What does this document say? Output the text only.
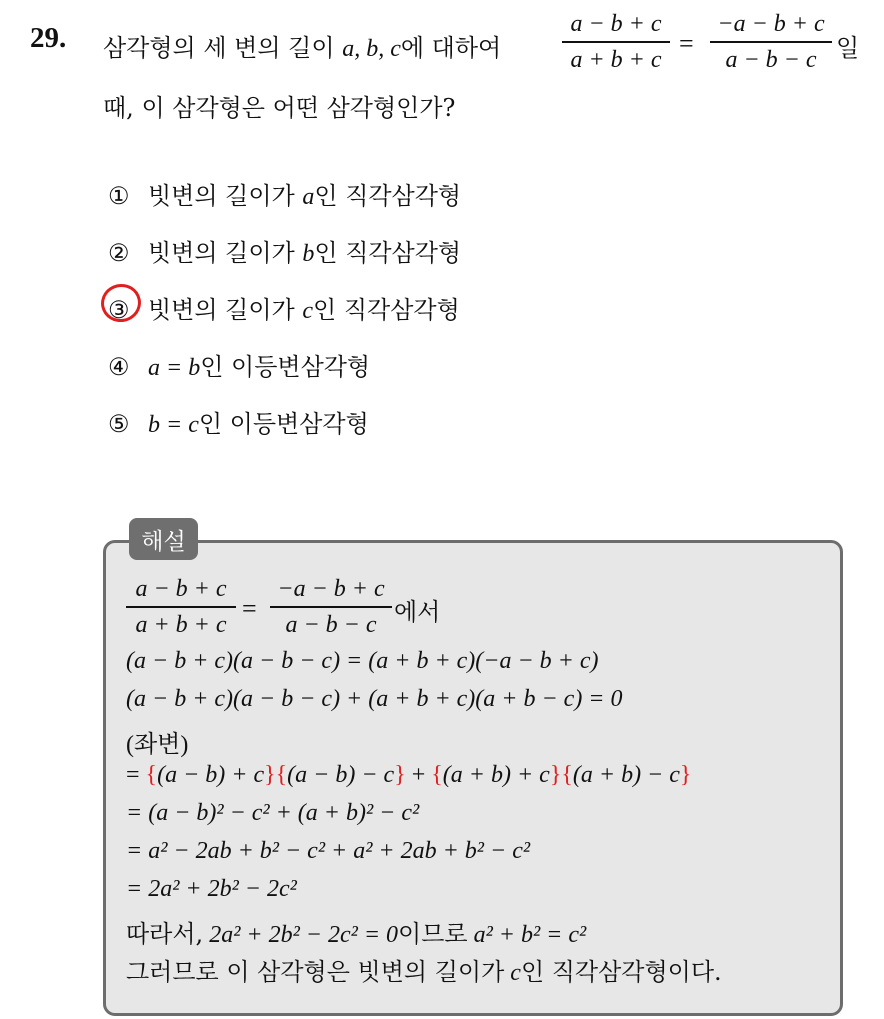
29. 삼각형의 세 변의 길이 a, b, c에 대하여
a − b + c
a + b + c
=
−a − b + c
a − b − c 일
때, 이 삼각형은 어떤 삼각형인가?
① 빗변의 길이가 a인 직각삼각형
② 빗변의 길이가 b인 직각삼각형
③ 빗변의 길이가 c인 직각삼각형
④ a = b인 이등변삼각형
⑤ b = c인 이등변삼각형
해설
a − b + c
a + b + c
=
−a − b + c
a − b − c 에서
(a − b + c)(a − b − c) = (a + b + c)(−a − b + c)
(a − b + c)(a − b − c) + (a + b + c)(a + b − c) = 0
(좌변)
= {(a − b) + c}{(a − b) − c} + {(a + b) + c}{(a + b) − c}
= (a − b)² − c² + (a + b)² − c²
= a² − 2ab + b² − c² + a² + 2ab + b² − c²
= 2a² + 2b² − 2c²
따라서, 2a² + 2b² − 2c² = 0이므로 a² + b² = c²
그러므로 이 삼각형은 빗변의 길이가 c인 직각삼각형이다.
